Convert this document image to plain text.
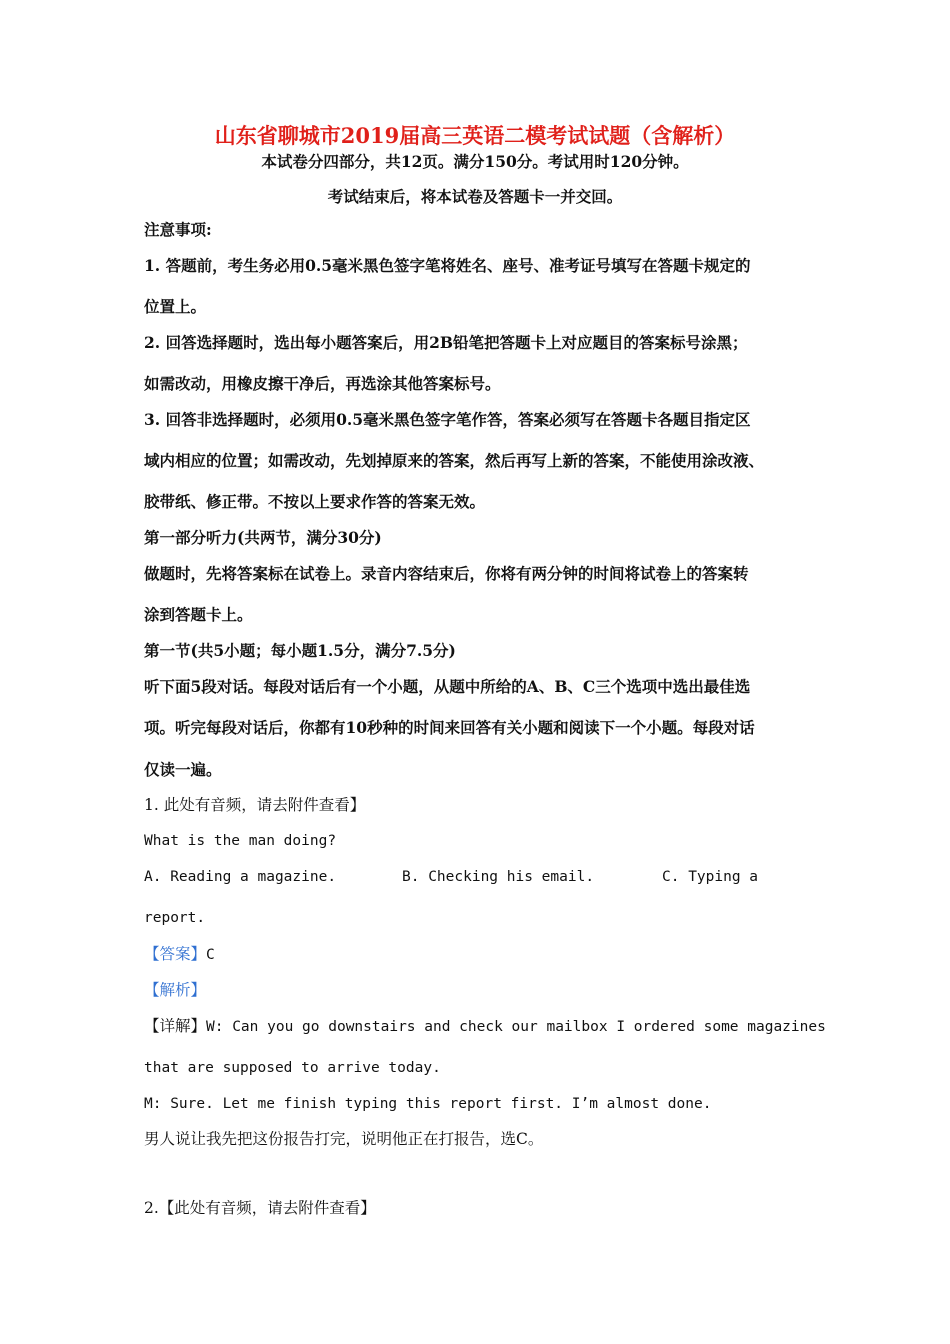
山东省聊城市2019届高三英语二模考试试题（含解析）
本试卷分四部分，共12页。满分150分。考试用时120分钟。
考试结束后，将本试卷及答题卡一并交回。
注意事项:
1. 答题前，考生务必用0.5毫米黑色签字笔将姓名、座号、准考证号填写在答题卡规定的
位置上。
2. 回答选择题时，选出每小题答案后，用2B铅笔把答题卡上对应题目的答案标号涂黑；
如需改动，用橡皮擦干净后，再选涂其他答案标号。
3. 回答非选择题时，必须用0.5毫米黑色签字笔作答，答案必须写在答题卡各题目指定区
域内相应的位置；如需改动，先划掉原来的答案，然后再写上新的答案，不能使用涂改液、
胶带纸、修正带。不按以上要求作答的答案无效。
第一部分听力(共两节，满分30分)
做题时，先将答案标在试卷上。录音内容结束后，你将有两分钟的时间将试卷上的答案转
涂到答题卡上。
第一节(共5小题；每小题1.5分，满分7.5分)
听下面5段对话。每段对话后有一个小题，从题中所给的A、B、C三个选项中选出最佳选
项。听完每段对话后，你都有10秒种的时间来回答有关小题和阅读下一个小题。每段对话
仅读一遍。
1. 此处有音频，请去附件查看】
What is the man doing?
A. Reading a magazine.	B. Checking his email.	C. Typing a
report.
【答案】C
【解析】
【详解】W: Can you go downstairs and check our mailbox I ordered some magazines
that are supposed to arrive today.
M: Sure. Let me finish typing this report first. I’m almost done.
男人说让我先把这份报告打完，说明他正在打报告，选C。
2.【此处有音频，请去附件查看】
